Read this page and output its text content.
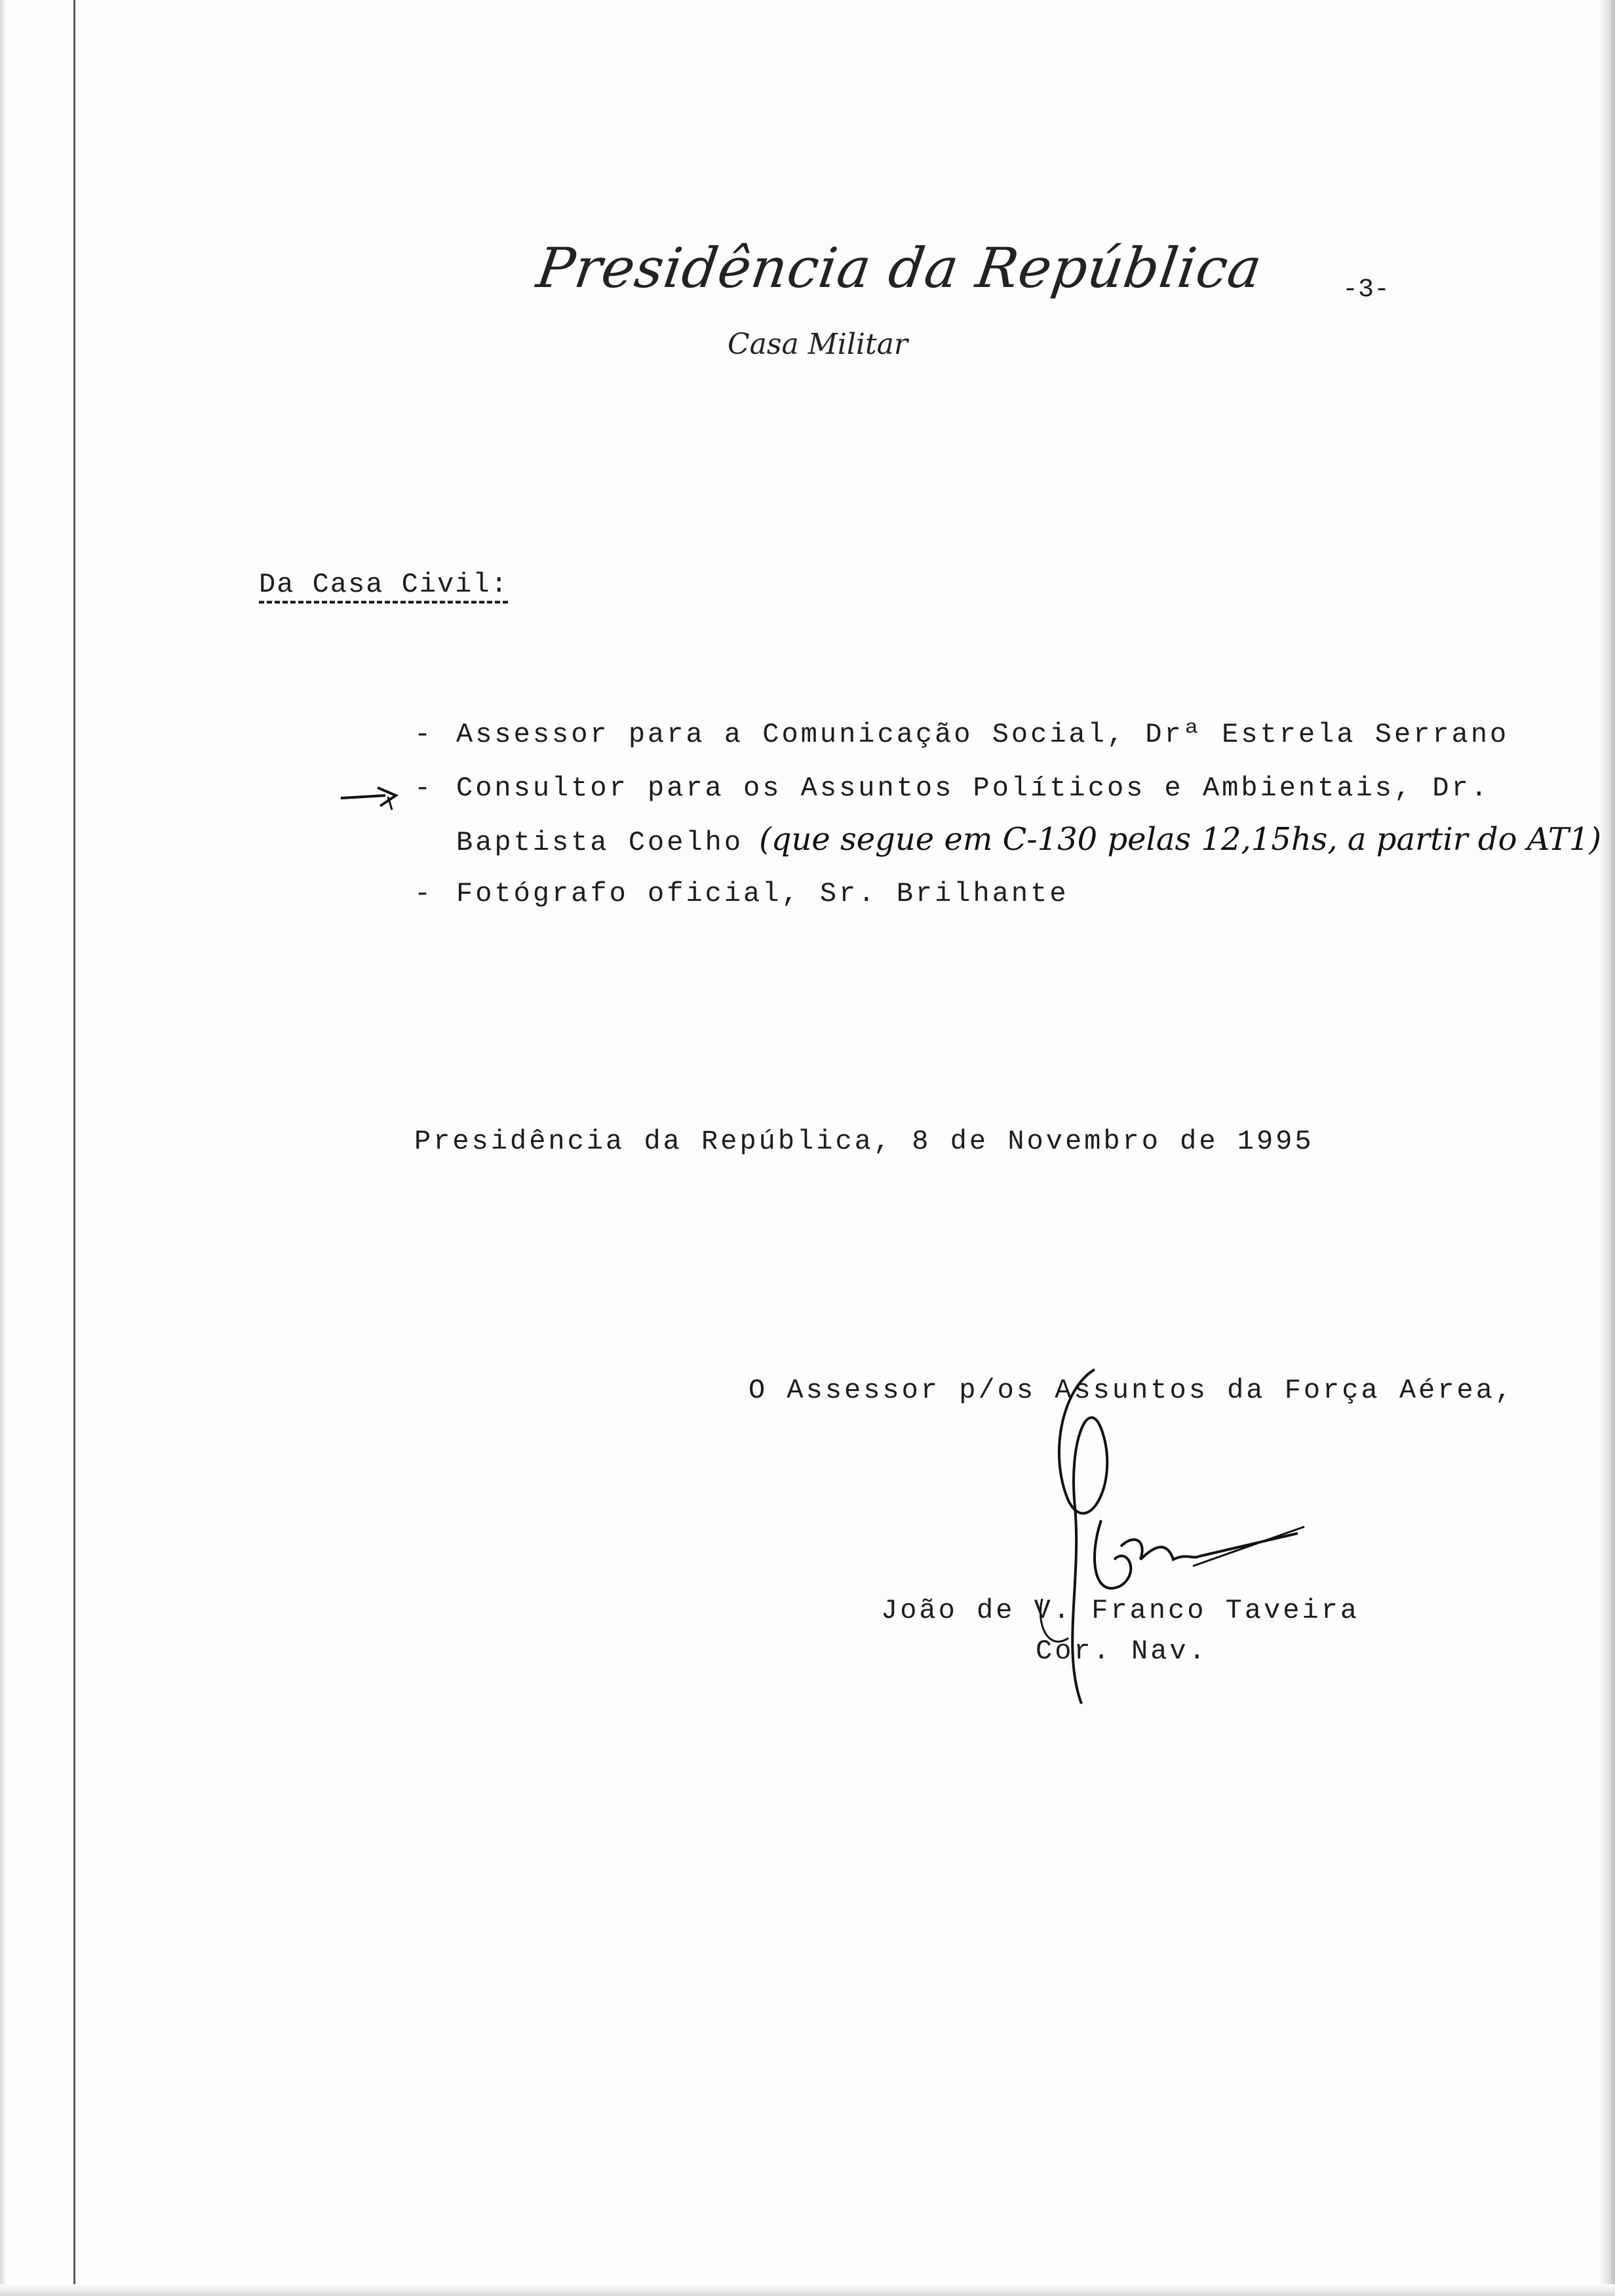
Presidência da República
Casa Militar
-3-
Da Casa Civil:
- Assessor para a Comunicação Social, Drª Estrela Serrano
- Consultor para os Assuntos Políticos e Ambientais, Dr.
Baptista Coelho (que segue em C-130 pelas 12,15hs, a partir do AT1)
- Fotógrafo oficial, Sr. Brilhante
Presidência da República, 8 de Novembro de 1995
O Assessor p/os Assuntos da Força Aérea,
João de V. Franco Taveira
Cor. Nav.
